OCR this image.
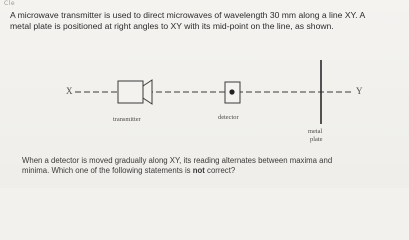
Cle

A microwave transmitter is used to direct microwaves of wavelength 30 mm along a line XY. A

metal plate is positioned at right angles to XY with its mid-point on the line, as shown.

X
transmitter	detector
metal
plate
Y

When a detector is moved gradually along XY, its reading alternates between maxima and

minima. Which one of the following statements is not correct?
